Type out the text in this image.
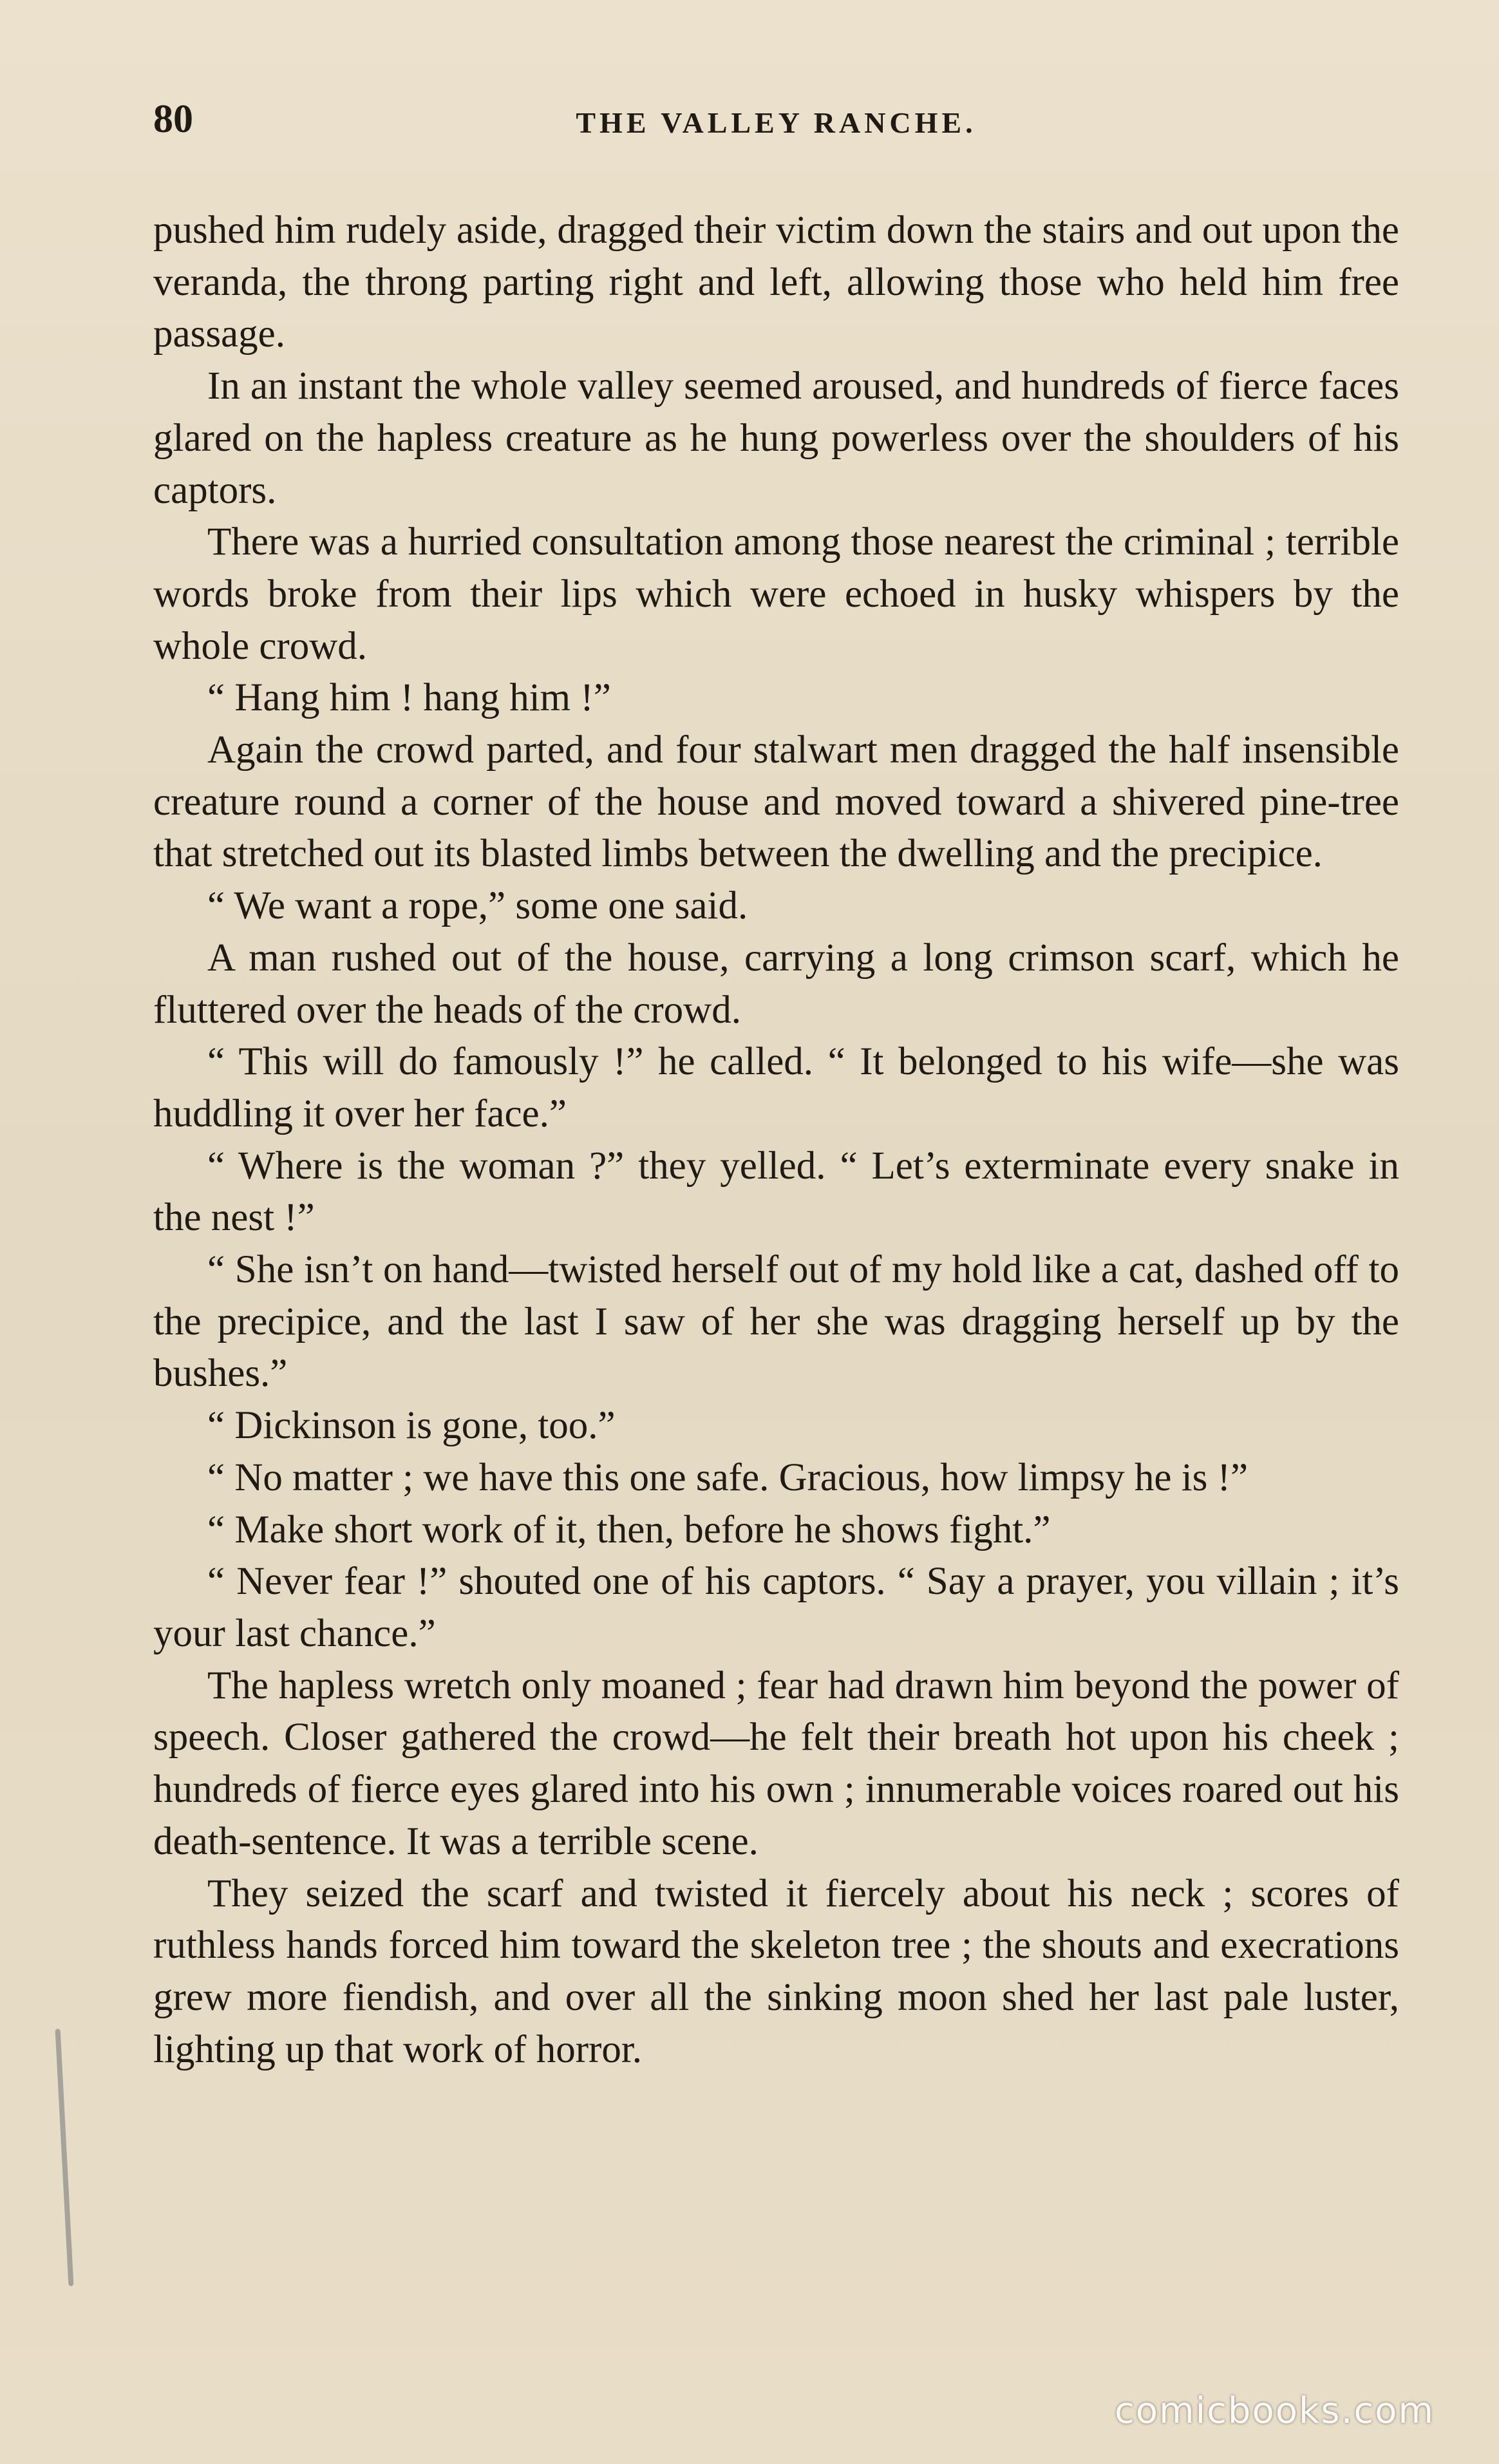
80	THE VALLEY RANCHE.

pushed him rudely aside, dragged their victim down the stairs and out upon the veranda, the throng parting right and left, allowing those who held him free passage.

In an instant the whole valley seemed aroused, and hundreds of fierce faces glared on the hapless creature as he hung powerless over the shoulders of his captors.

There was a hurried consultation among those nearest the criminal ; terrible words broke from their lips which were echoed in husky whispers by the whole crowd.

“ Hang him ! hang him !”

Again the crowd parted, and four stalwart men dragged the half insensible creature round a corner of the house and moved toward a shivered pine-tree that stretched out its blasted limbs between the dwelling and the precipice.

“ We want a rope,” some one said.

A man rushed out of the house, carrying a long crimson scarf, which he fluttered over the heads of the crowd.

“ This will do famously !” he called. “ It belonged to his wife—she was huddling it over her face.”

“ Where is the woman ?” they yelled. “ Let’s exterminate every snake in the nest !”

“ She isn’t on hand—twisted herself out of my hold like a cat, dashed off to the precipice, and the last I saw of her she was dragging herself up by the bushes.”

“ Dickinson is gone, too.”

“ No matter ; we have this one safe. Gracious, how limpsy he is !”

“ Make short work of it, then, before he shows fight.”

“ Never fear !” shouted one of his captors. “ Say a prayer, you villain ; it’s your last chance.”

The hapless wretch only moaned ; fear had drawn him beyond the power of speech. Closer gathered the crowd—he felt their breath hot upon his cheek ; hundreds of fierce eyes glared into his own ; innumerable voices roared out his death-sentence. It was a terrible scene.

They seized the scarf and twisted it fiercely about his neck ; scores of ruthless hands forced him toward the skeleton tree ; the shouts and execrations grew more fiendish, and over all the sinking moon shed her last pale luster, lighting up that work of horror.

comicbooks.com
